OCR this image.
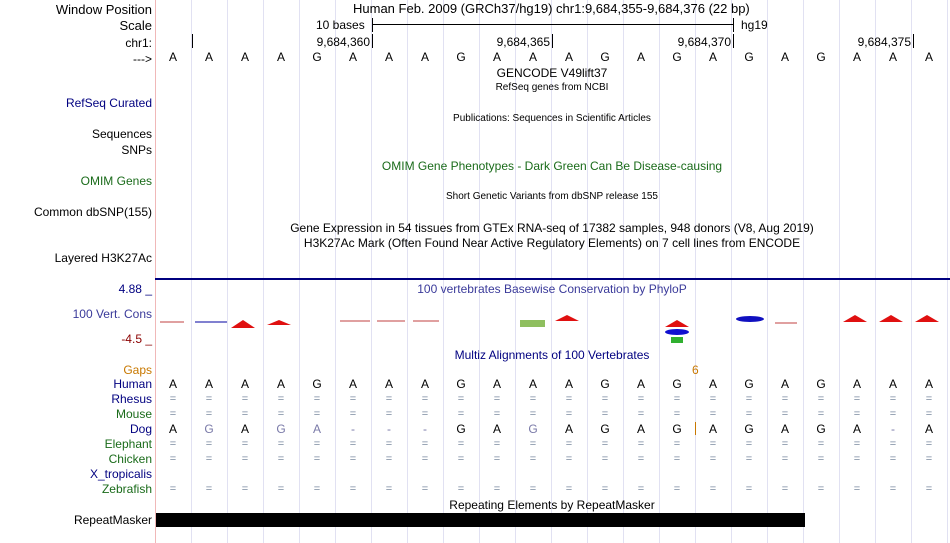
Window Position	Human Feb. 2009 (GRCh37/hg19) chr1:9,684,355-9,684,376 (22 bp)
Scale	10 bases	hg19
chr1:	9,684,360	9,684,365	9,684,370	9,684,375
---> A A A A G A A A G A A A G A G A G A G A A A
GENCODE V49lift37
RefSeq genes from NCBI
RefSeq Curated
Publications: Sequences in Scientific Articles
Sequences
SNPs
OMIM Gene Phenotypes - Dark Green Can Be Disease-causing
OMIM Genes
Short Genetic Variants from dbSNP release 155
Common dbSNP(155)
Gene Expression in 54 tissues from GTEx RNA-seq of 17382 samples, 948 donors (V8, Aug 2019)
H3K27Ac Mark (Often Found Near Active Regulatory Elements) on 7 cell lines from ENCODE
Layered H3K27Ac
100 vertebrates Basewise Conservation by PhyloP
4.88 _
100 Vert. Cons
-4.5 _
Multiz Alignments of 100 Vertebrates
Gaps	6
Human A A A A G A A A G A A A G A G A G A G A A A
Rhesus =	=	=	=	=	=	=	=	=	=	=	=	=	=	=	=	=	=	=	=	=	=
Mouse =	=	=	=	=	=	=	=	=	=	=	=	=	=	=	=	=	=	=	=	=	=
Dog A G A G A -	-	- G A G A G A G A G A G A - A
Elephant =	=	=	=	=	=	=	=	=	=	=	=	=	=	=	=	=	=	=	=	=	=
Chicken =	=	=	=	=	=	=	=	=	=	=	=	=	=	=	=	=	=	=	=	=	=
X_tropicalis
Zebrafish =	=	=	=	=	=	=	=	=	=	=	=	=	=	=	=	=	=	=	=	=	=
Repeating Elements by RepeatMasker
RepeatMasker
